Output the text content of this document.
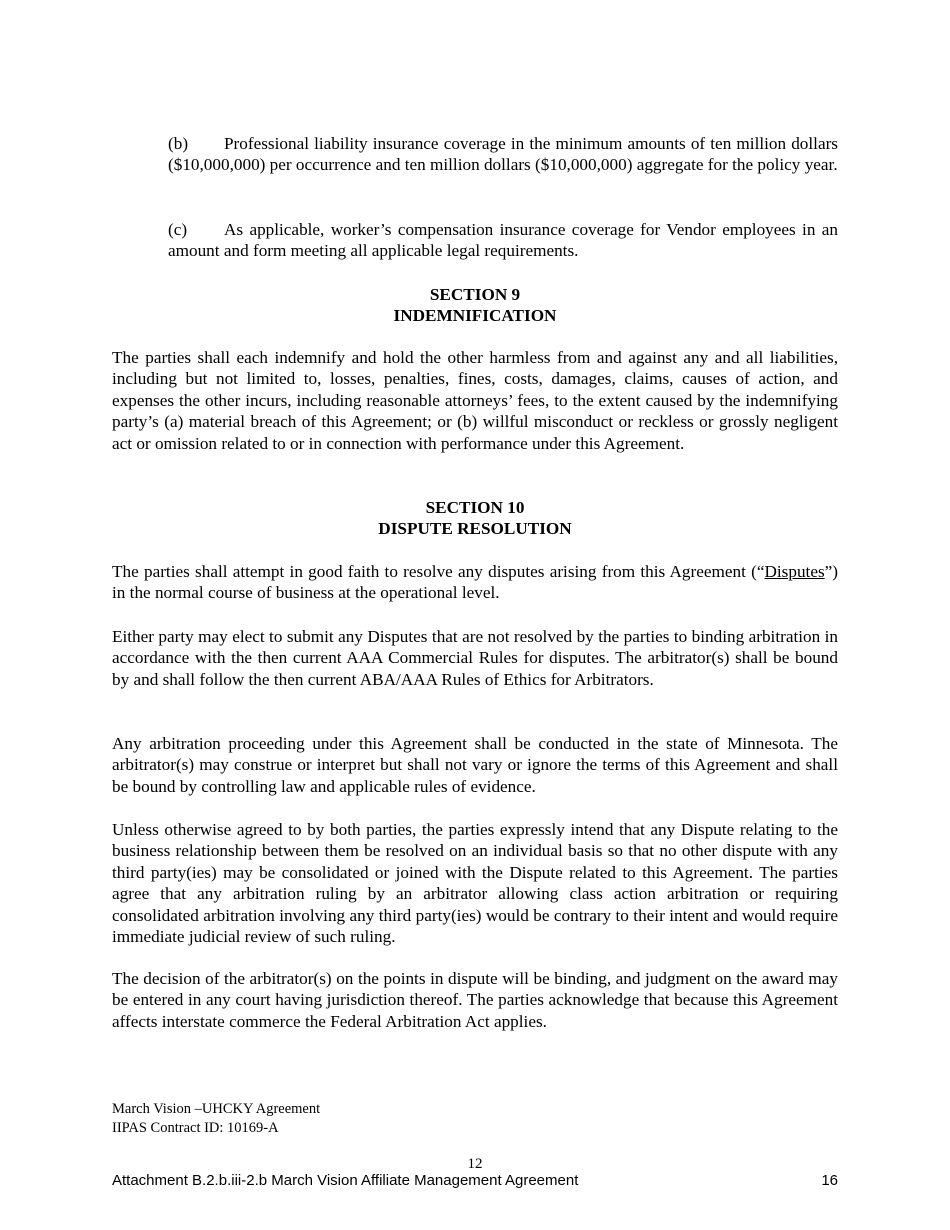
(b) Professional liability insurance coverage in the minimum amounts of ten million dollars ($10,000,000) per occurrence and ten million dollars ($10,000,000) aggregate for the policy year.

(c) As applicable, worker’s compensation insurance coverage for Vendor employees in an amount and form meeting all applicable legal requirements.

SECTION 9
INDEMNIFICATION

The parties shall each indemnify and hold the other harmless from and against any and all liabilities, including but not limited to, losses, penalties, fines, costs, damages, claims, causes of action, and expenses the other incurs, including reasonable attorneys’ fees, to the extent caused by the indemnifying party’s (a) material breach of this Agreement; or (b) willful misconduct or reckless or grossly negligent act or omission related to or in connection with performance under this Agreement.

SECTION 10
DISPUTE RESOLUTION

The parties shall attempt in good faith to resolve any disputes arising from this Agreement (“Disputes”) in the normal course of business at the operational level.

Either party may elect to submit any Disputes that are not resolved by the parties to binding arbitration in accordance with the then current AAA Commercial Rules for disputes. The arbitrator(s) shall be bound by and shall follow the then current ABA/AAA Rules of Ethics for Arbitrators.

Any arbitration proceeding under this Agreement shall be conducted in the state of Minnesota. The arbitrator(s) may construe or interpret but shall not vary or ignore the terms of this Agreement and shall be bound by controlling law and applicable rules of evidence.

Unless otherwise agreed to by both parties, the parties expressly intend that any Dispute relating to the business relationship between them be resolved on an individual basis so that no other dispute with any third party(ies) may be consolidated or joined with the Dispute related to this Agreement. The parties agree that any arbitration ruling by an arbitrator allowing class action arbitration or requiring consolidated arbitration involving any third party(ies) would be contrary to their intent and would require immediate judicial review of such ruling.

The decision of the arbitrator(s) on the points in dispute will be binding, and judgment on the award may be entered in any court having jurisdiction thereof. The parties acknowledge that because this Agreement affects interstate commerce the Federal Arbitration Act applies.

March Vision –UHCKY Agreement
IIPAS Contract ID: 10169-A
12
Attachment B.2.b.iii-2.b March Vision Affiliate Management Agreement	16
